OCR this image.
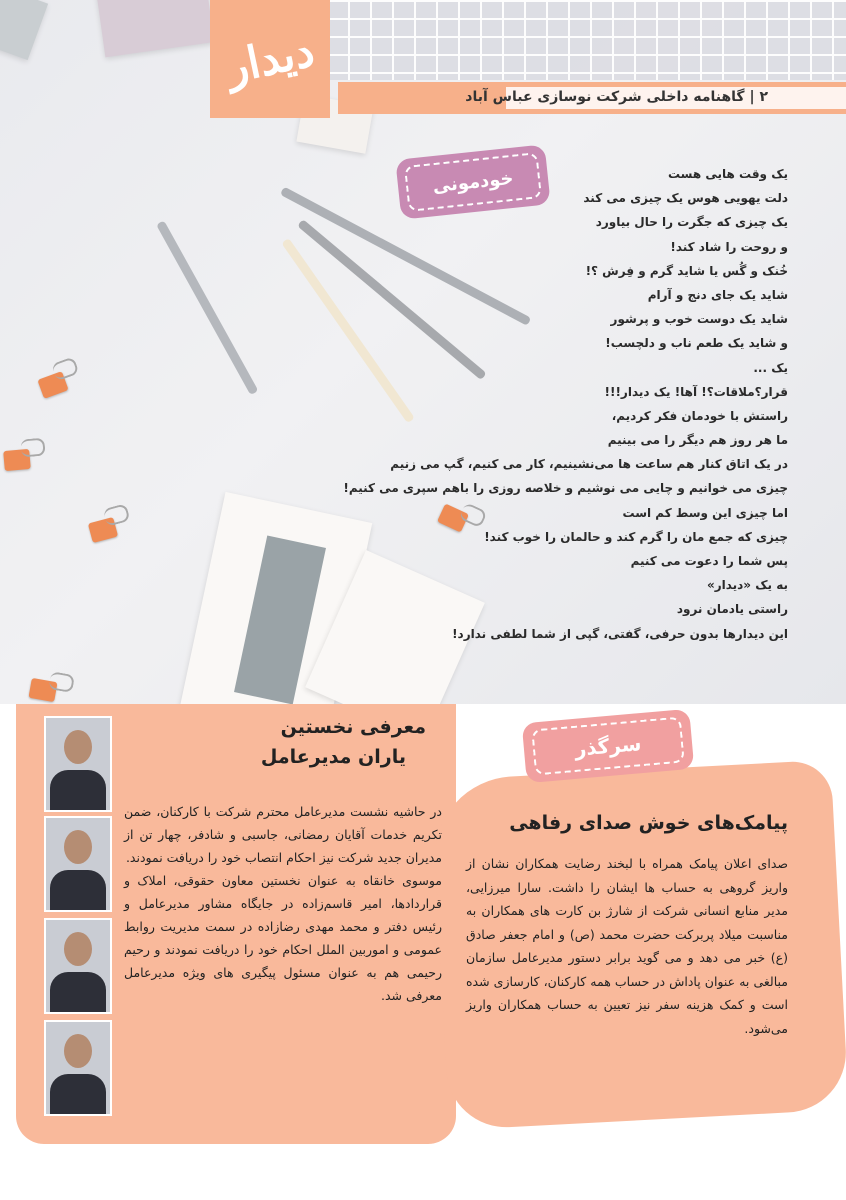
خودمونی	یک وقت هایی هست
دلت یهویی هوس یک چیزی می کند
یک چیزی که جگرت را حال بیاورد
و روحت را شاد کند!
خُنک و گُس یا شاید گرم و فِرش ؟!
شاید یک جای دنج و آرام
شاید یک دوست خوب و پرشور
و شاید یک طعم ناب و دلچسب!
یک ...
قرار؟ملاقات؟! آها! یک دیدار!!!
راستش با خودمان فکر کردیم،
ما هر روز هم دیگر را می بینیم
در یک اتاق کنار هم ساعت ها می‌نشینیم، کار می کنیم، گپ می زنیم
چیزی می خوانیم و چایی می نوشیم و خلاصه روزی را باهم سپری می کنیم!
اما چیزی این وسط کم است
چیزی که جمع مان را گرم کند و حالمان را خوب کند!
پس شما را دعوت می کنیم
به یک «دیدار»
راستی یادمان نرود
این دیدارها بدون حرفی، گفتی، گپی از شما لطفی ندارد!
دیدار
۲ | گاهنامه داخلی شرکت نوسازی عباس آباد
معرفی نخستین
یاران مدیرعامل

در حاشیه نشست مدیرعامل محترم شرکت با کارکنان، ضمن تکریم خدمات آقایان رمضانی، جاسبی و شادفر، چهار تن از مدیران جدید شرکت نیز احکام انتصاب خود را دریافت نمودند.

موسوی خانقاه به عنوان نخستین معاون حقوقی، املاک و قراردادها، امیر قاسم‌زاده در جایگاه مشاور مدیرعامل و رئیس دفتر و محمد مهدی رضازاده در سمت مدیریت روابط عمومی و اموربین الملل احکام خود را دریافت نمودند و رحیم رحیمی هم به عنوان مسئول پیگیری های ویژه مدیرعامل معرفی شد.

سرگذر
پیامک‌های خوش صدای رفاهی
صدای اعلان پیامک همراه با لبخند رضایت همکاران نشان از واریز گروهی به حساب ها ایشان را داشت. سارا میرزایی، مدیر منابع انسانی شرکت از شارژ بن کارت های همکاران به مناسبت میلاد پربرکت حضرت محمد (ص) و امام جعفر صادق (ع) خبر می دهد و می گوید برابر دستور مدیرعامل سازمان مبالغی به عنوان پاداش در حساب همه کارکنان، کارسازی شده است و کمک هزینه سفر نیز تعیین به حساب همکاران واریز می‌شود.
